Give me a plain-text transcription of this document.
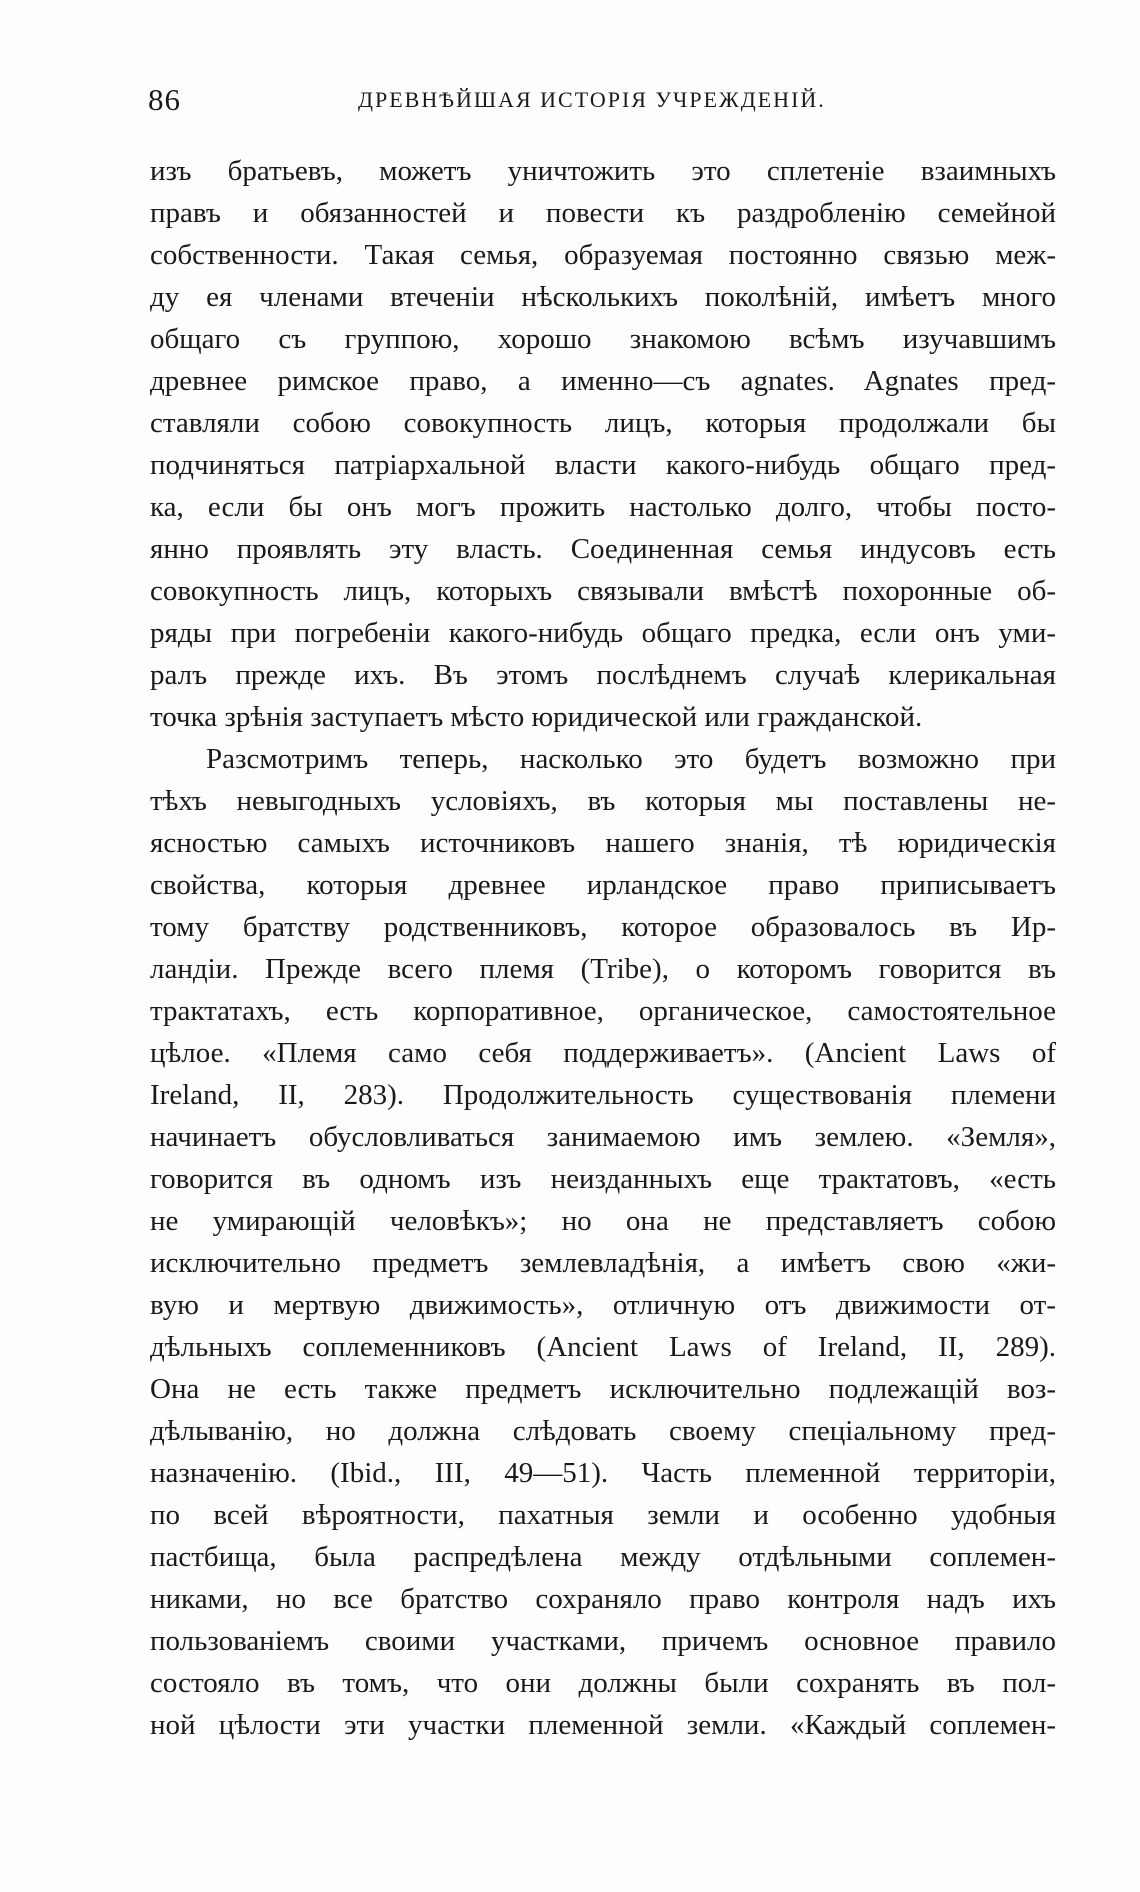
86	ДРЕВНѢЙШАЯ ИСТОРІЯ УЧРЕЖДЕНІЙ.
изъ братьевъ, можетъ уничтожить это сплетеніе взаимныхъ
правъ и обязанностей и повести къ раздробленію семейной
собственности. Такая семья, образуемая постоянно связью меж-
ду ея членами втеченіи нѣсколькихъ поколѣній, имѣетъ много
общаго съ группою, хорошо знакомою всѣмъ изучавшимъ
древнее римское право, а именно—съ agnates. Agnates пред-
ставляли собою совокупность лицъ, которыя продолжали бы
подчиняться патріархальной власти какого-нибудь общаго пред-
ка, если бы онъ могъ прожить настолько долго, чтобы посто-
янно проявлять эту власть. Соединенная семья индусовъ есть
совокупность лицъ, которыхъ связывали вмѣстѣ похоронные об-
ряды при погребеніи какого-нибудь общаго предка, если онъ уми-
ралъ прежде ихъ. Въ этомъ послѣднемъ случаѣ клерикальная
точка зрѣнія заступаетъ мѣсто юридической или гражданской.
Разсмотримъ теперь, насколько это будетъ возможно при
тѣхъ невыгодныхъ условіяхъ, въ которыя мы поставлены не-
ясностью самыхъ источниковъ нашего знанія, тѣ юридическія
свойства, которыя древнее ирландское право приписываетъ
тому братству родственниковъ, которое образовалось въ Ир-
ландіи. Прежде всего племя (Tribe), о которомъ говорится въ
трактатахъ, есть корпоративное, органическое, самостоятельное
цѣлое. «Племя само себя поддерживаетъ». (Ancient Laws of
Ireland, II, 283). Продолжительность существованія племени
начинаетъ обусловливаться занимаемою имъ землею. «Земля»,
говорится въ одномъ изъ неизданныхъ еще трактатовъ, «есть
не умирающій человѣкъ»; но она не представляетъ собою
исключительно предметъ землевладѣнія, а имѣетъ свою «жи-
вую и мертвую движимость», отличную отъ движимости от-
дѣльныхъ соплеменниковъ (Ancient Laws of Ireland, II, 289).
Она не есть также предметъ исключительно подлежащій воз-
дѣлыванію, но должна слѣдовать своему спеціальному пред-
назначенію. (Ibid., III, 49—51). Часть племенной территоріи,
по всей вѣроятности, пахатныя земли и особенно удобныя
пастбища, была распредѣлена между отдѣльными соплемен-
никами, но все братство сохраняло право контроля надъ ихъ
пользованіемъ своими участками, причемъ основное правило
состояло въ томъ, что они должны были сохранять въ пол-
ной цѣлости эти участки племенной земли. «Каждый соплемен-
